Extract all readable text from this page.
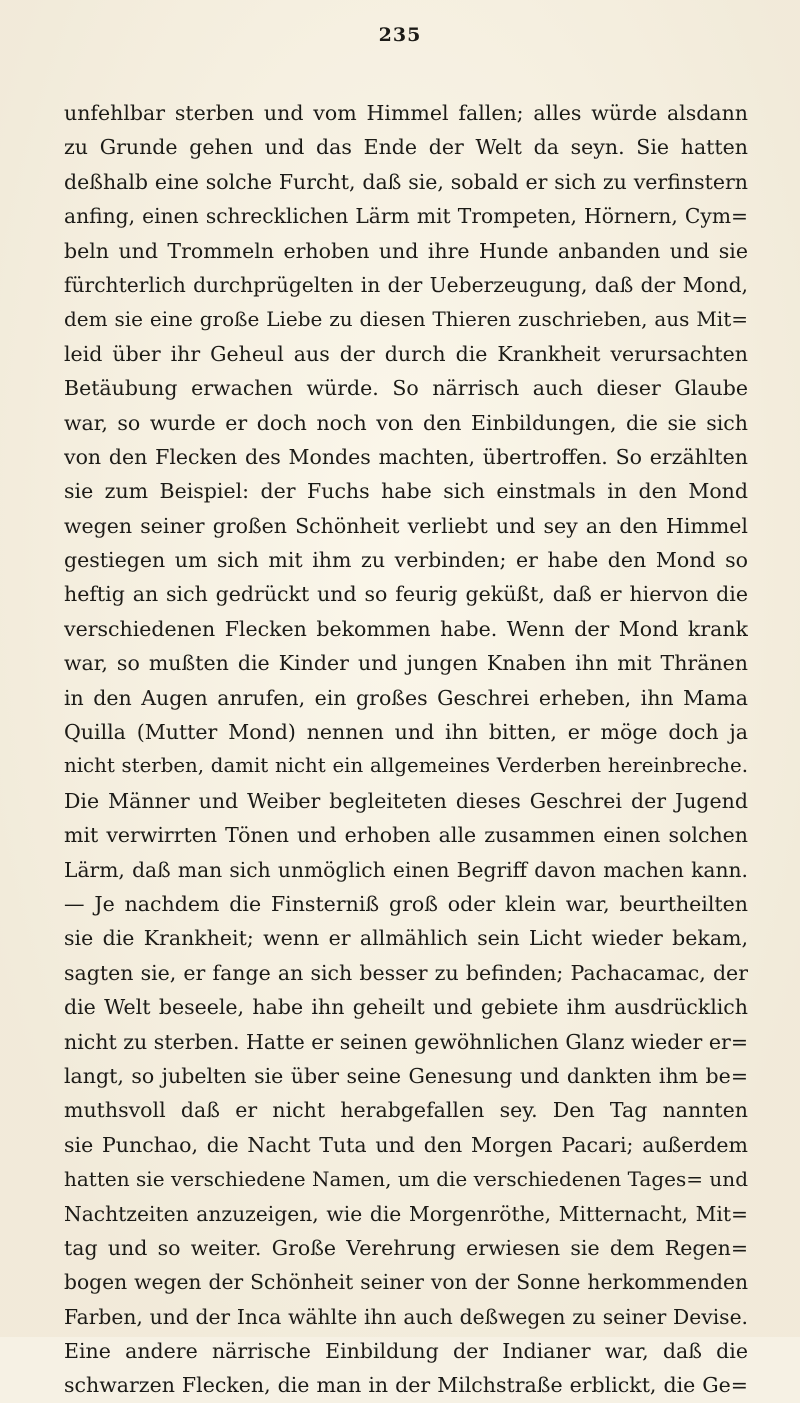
235
unfehlbar sterben und vom Himmel fallen; alles würde alsdann
zu Grunde gehen und das Ende der Welt da seyn. Sie hatten
deßhalb eine solche Furcht, daß sie, sobald er sich zu verfinstern
anfing, einen schrecklichen Lärm mit Trompeten, Hörnern, Cym=
beln und Trommeln erhoben und ihre Hunde anbanden und sie
fürchterlich durchprügelten in der Ueberzeugung, daß der Mond,
dem sie eine große Liebe zu diesen Thieren zuschrieben, aus Mit=
leid über ihr Geheul aus der durch die Krankheit verursachten
Betäubung erwachen würde. So närrisch auch dieser Glaube
war, so wurde er doch noch von den Einbildungen, die sie sich
von den Flecken des Mondes machten, übertroffen. So erzählten
sie zum Beispiel: der Fuchs habe sich einstmals in den Mond
wegen seiner großen Schönheit verliebt und sey an den Himmel
gestiegen um sich mit ihm zu verbinden; er habe den Mond so
heftig an sich gedrückt und so feurig geküßt, daß er hiervon die
verschiedenen Flecken bekommen habe. Wenn der Mond krank
war, so mußten die Kinder und jungen Knaben ihn mit Thränen
in den Augen anrufen, ein großes Geschrei erheben, ihn Mama
Quilla (Mutter Mond) nennen und ihn bitten, er möge doch ja
nicht sterben, damit nicht ein allgemeines Verderben hereinbreche.
Die Männer und Weiber begleiteten dieses Geschrei der Jugend
mit verwirrten Tönen und erhoben alle zusammen einen solchen
Lärm, daß man sich unmöglich einen Begriff davon machen kann.
— Je nachdem die Finsterniß groß oder klein war, beurtheilten
sie die Krankheit; wenn er allmählich sein Licht wieder bekam,
sagten sie, er fange an sich besser zu befinden; Pachacamac, der
die Welt beseele, habe ihn geheilt und gebiete ihm ausdrücklich
nicht zu sterben. Hatte er seinen gewöhnlichen Glanz wieder er=
langt, so jubelten sie über seine Genesung und dankten ihm be=
muthsvoll daß er nicht herabgefallen sey. Den Tag nannten
sie Punchao, die Nacht Tuta und den Morgen Pacari; außerdem
hatten sie verschiedene Namen, um die verschiedenen Tages= und
Nachtzeiten anzuzeigen, wie die Morgenröthe, Mitternacht, Mit=
tag und so weiter. Große Verehrung erwiesen sie dem Regen=
bogen wegen der Schönheit seiner von der Sonne herkommenden
Farben, und der Inca wählte ihn auch deßwegen zu seiner Devise.
Eine andere närrische Einbildung der Indianer war, daß die
schwarzen Flecken, die man in der Milchstraße erblickt, die Ge=
